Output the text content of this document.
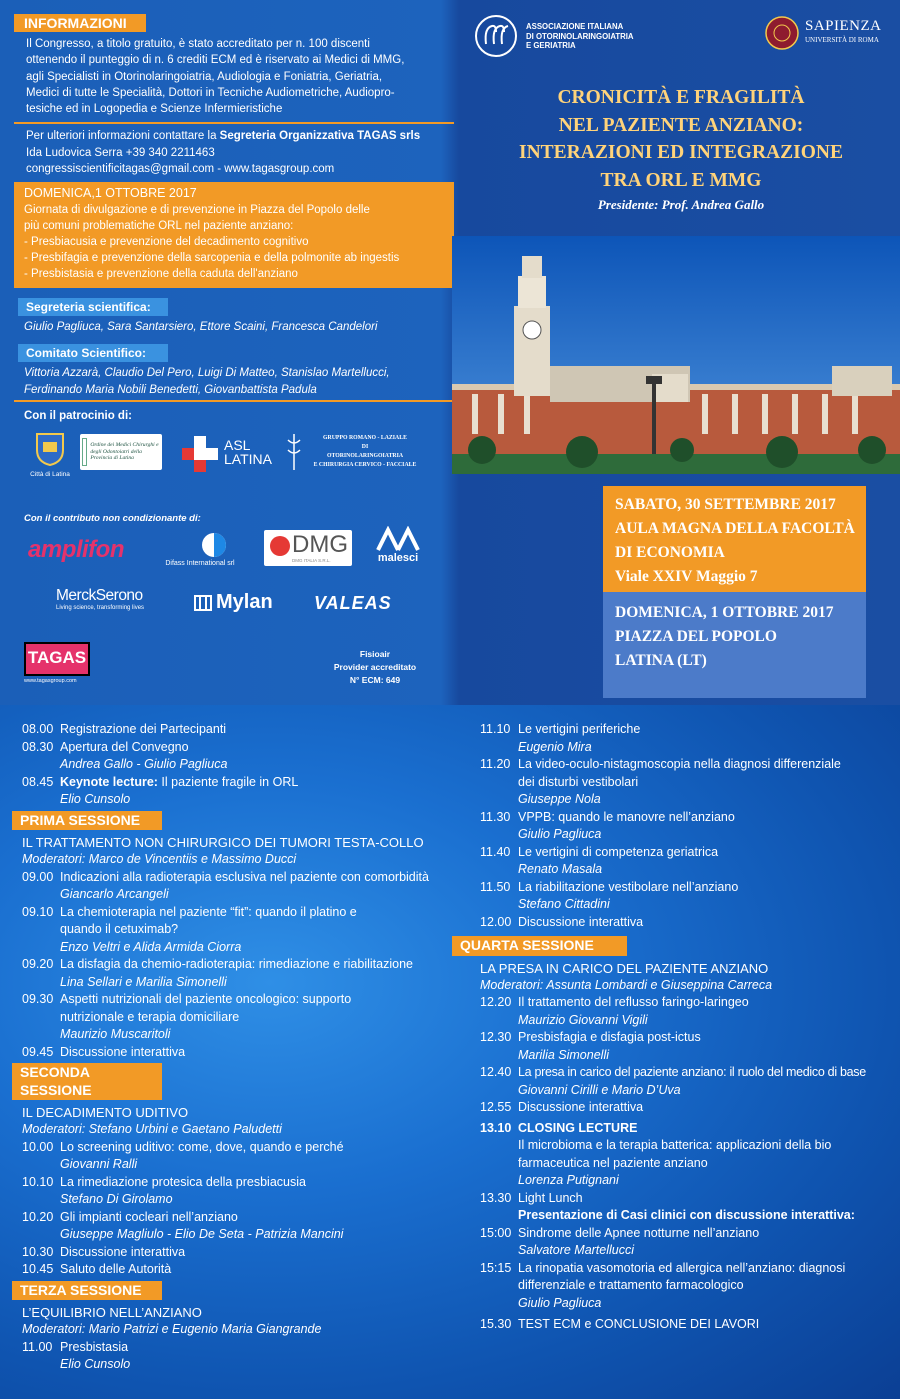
INFORMAZIONI
Il Congresso, a titolo gratuito, è stato accreditato per n. 100 discenti
ottenendo il punteggio di n. 6 crediti ECM ed è riservato ai Medici di MMG,
agli Specialisti in Otorinolaringoiatria, Audiologia e Foniatria, Geriatria,
Medici di tutte le Specialità, Dottori in Tecniche Audiometriche, Audiopro-
tesiche ed in Logopedia e Scienze Infermieristiche
Per ulteriori informazioni contattare la Segreteria Organizzativa TAGAS srls
Ida Ludovica Serra +39 340 2211463
congressiscientificitagas@gmail.com - www.tagasgroup.com
DOMENICA,1 OTTOBRE 2017
Giornata di divulgazione e di prevenzione in Piazza del Popolo delle
più comuni problematiche ORL nel paziente anziano:
- Presbiacusia e prevenzione del decadimento cognitivo
- Presbifagia e prevenzione della sarcopenia e della polmonite ab ingestis
- Presbistasia e prevenzione della caduta dell'anziano
Segreteria scientifica:
Giulio Pagliuca, Sara Santarsiero, Ettore Scaini, Francesca Candelori
Comitato Scientifico:
Vittoria Azzarà, Claudio Del Pero, Luigi Di Matteo, Stanislao Martellucci,
Ferdinando Maria Nobili Benedetti, Giovanbattista Padula
Con il patrocinio di:
Città di Latina
Ordine dei Medici Chirurghi e degli Odontoiatri della Provincia di Latina
ASL
LATINA
GRUPPO ROMANO - LAZIALE
DI
OTORINOLARINGOIATRIA
E CHIRURGIA CERVICO - FACCIALE
Con il contributo non condizionante di:
amplifon
Difass International srl
DMG
DMG ITALIA S.R.L.	malesci
MerckSerono
Living science, transforming lives	Mylan VALEAS
TAGAS
www.tagasgroup.com
Fisioair
Provider accreditato
N° ECM: 649
ASSOCIAZIONE ITALIANA
DI OTORINOLARINGOIATRIA
E GERIATRIA
SAPIENZA
UNIVERSITÀ DI ROMA
CRONICITÀ E FRAGILITÀ
NEL PAZIENTE ANZIANO:
INTERAZIONI ED INTEGRAZIONE
TRA ORL E MMG
Presidente: Prof. Andrea Gallo
SABATO, 30 SETTEMBRE 2017
AULA MAGNA DELLA FACOLTÀ
DI ECONOMIA
Viale XXIV Maggio 7
DOMENICA, 1 OTTOBRE 2017
PIAZZA DEL POPOLO
LATINA (LT)
08.00 Registrazione dei Partecipanti
08.30 Apertura del Convegno
Andrea Gallo - Giulio Pagliuca
08.45 Keynote lecture: Il paziente fragile in ORL
Elio Cunsolo
PRIMA SESSIONE
IL TRATTAMENTO NON CHIRURGICO DEI TUMORI TESTA-COLLO
Moderatori: Marco de Vincentiis e Massimo Ducci
09.00 Indicazioni alla radioterapia esclusiva nel paziente con comorbidità
Giancarlo Arcangeli
09.10 La chemioterapia nel paziente “fit”: quando il platino e
quando il cetuximab?
Enzo Veltri e Alida Armida Ciorra
09.20 La disfagia da chemio-radioterapia: rimediazione e riabilitazione
Lina Sellari e Marilia Simonelli
09.30 Aspetti nutrizionali del paziente oncologico: supporto
nutrizionale e terapia domiciliare
Maurizio Muscaritoli
09.45 Discussione interattiva
SECONDA SESSIONE
IL DECADIMENTO UDITIVO
Moderatori: Stefano Urbini e Gaetano Paludetti
10.00 Lo screening uditivo: come, dove, quando e perché
Giovanni Ralli
10.10 La rimediazione protesica della presbiacusia
Stefano Di Girolamo
10.20 Gli impianti cocleari nell’anziano
Giuseppe Magliulo - Elio De Seta - Patrizia Mancini
10.30 Discussione interattiva
10.45 Saluto delle Autorità
TERZA SESSIONE
L’EQUILIBRIO NELL’ANZIANO
Moderatori: Mario Patrizi e Eugenio Maria Giangrande
11.00 Presbistasia
Elio Cunsolo
11.10 Le vertigini periferiche
Eugenio Mira
11.20 La video-oculo-nistagmoscopia nella diagnosi differenziale
dei disturbi vestibolari
Giuseppe Nola
11.30 VPPB: quando le manovre nell’anziano
Giulio Pagliuca
11.40 Le vertigini di competenza geriatrica
Renato Masala
11.50 La riabilitazione vestibolare nell’anziano
Stefano Cittadini
12.00 Discussione interattiva
QUARTA SESSIONE
LA PRESA IN CARICO DEL PAZIENTE ANZIANO
Moderatori: Assunta Lombardi e Giuseppina Carreca
12.20 Il trattamento del reflusso faringo-laringeo
Maurizio Giovanni Vigili
12.30 Presbisfagia e disfagia post-ictus
Marilia Simonelli
12.40 La presa in carico del paziente anziano: il ruolo del medico di base
Giovanni Cirilli e Mario D’Uva
12.55 Discussione interattiva
13.10 CLOSING LECTURE
Il microbioma e la terapia batterica: applicazioni della bio
farmaceutica nel paziente anziano
Lorenza Putignani
13.30 Light Lunch
Presentazione di Casi clinici con discussione interattiva:
15:00 Sindrome delle Apnee notturne nell’anziano
Salvatore Martellucci
15:15 La rinopatia vasomotoria ed allergica nell’anziano: diagnosi
differenziale e trattamento farmacologico
Giulio Pagliuca
15.30 TEST ECM e CONCLUSIONE DEI LAVORI
